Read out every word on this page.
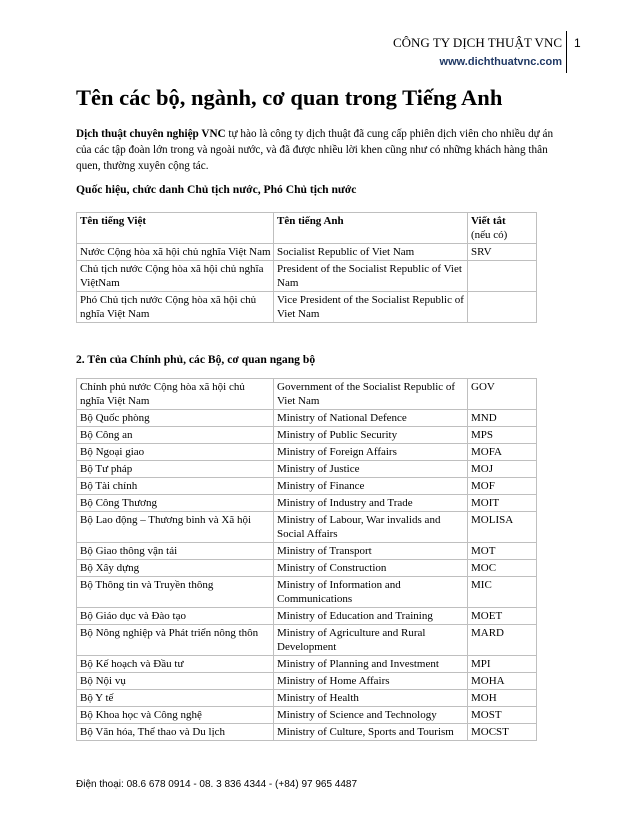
CÔNG TY DỊCH THUẬT VNC
www.dichthuatvnc.com
1
Tên các bộ, ngành, cơ quan trong Tiếng Anh
Dịch thuật chuyên nghiệp VNC tự hào là công ty dịch thuật đã cung cấp phiên dịch viên cho nhiều dự án của các tập đoàn lớn trong và ngoài nước, và đã được nhiều lời khen cũng như có những khách hàng thân quen, thường xuyên cộng tác.
Quốc hiệu, chức danh Chủ tịch nước, Phó Chủ tịch nước
Tên tiếng Việt	Tên tiếng Anh	Viết tắt
(nếu có)
Nước Cộng hòa xã hội chủ nghĩa Việt Nam	Socialist Republic of Viet Nam	SRV
Chủ tịch nước Cộng hòa xã hội chủ nghĩa ViệtNam	President of the Socialist Republic of Viet Nam	
Phó Chủ tịch nước Cộng hòa xã hội chủ nghĩa Việt Nam	Vice President of the Socialist Republic of Viet Nam	
2. Tên của Chính phủ, các Bộ, cơ quan ngang bộ
Chính phủ nước Cộng hòa xã hội chủ nghĩa Việt Nam	Government of the Socialist Republic of Viet Nam	GOV
Bộ Quốc phòng	Ministry of National Defence	MND
Bộ Công an	Ministry of Public Security	MPS
Bộ Ngoại giao	Ministry of Foreign Affairs	MOFA
Bộ Tư pháp	Ministry of Justice	MOJ
Bộ Tài chính	Ministry of Finance	MOF
Bộ Công Thương	Ministry of Industry and Trade	MOIT
Bộ Lao động – Thương binh và Xã hội	Ministry of Labour, War invalids and Social Affairs	MOLISA
Bộ Giao thông vận tải	Ministry of Transport	MOT
Bộ Xây dựng	Ministry of Construction	MOC
Bộ Thông tin và Truyền thông	Ministry of Information and Communications	MIC
Bộ Giáo dục và Đào tạo	Ministry of Education and Training	MOET
Bộ Nông nghiệp và Phát triển nông thôn	Ministry of Agriculture and Rural Development	MARD
Bộ Kế hoạch và Đầu tư	Ministry of Planning and Investment	MPI
Bộ Nội vụ	Ministry of Home Affairs	MOHA
Bộ Y tế	Ministry of Health	MOH
Bộ Khoa học và Công nghệ	Ministry of Science and Technology	MOST
Bộ Văn hóa, Thể thao và Du lịch	Ministry of Culture, Sports and Tourism	MOCST
Điện thoại: 08.6 678 0914 - 08. 3 836 4344 - (+84) 97 965 4487
